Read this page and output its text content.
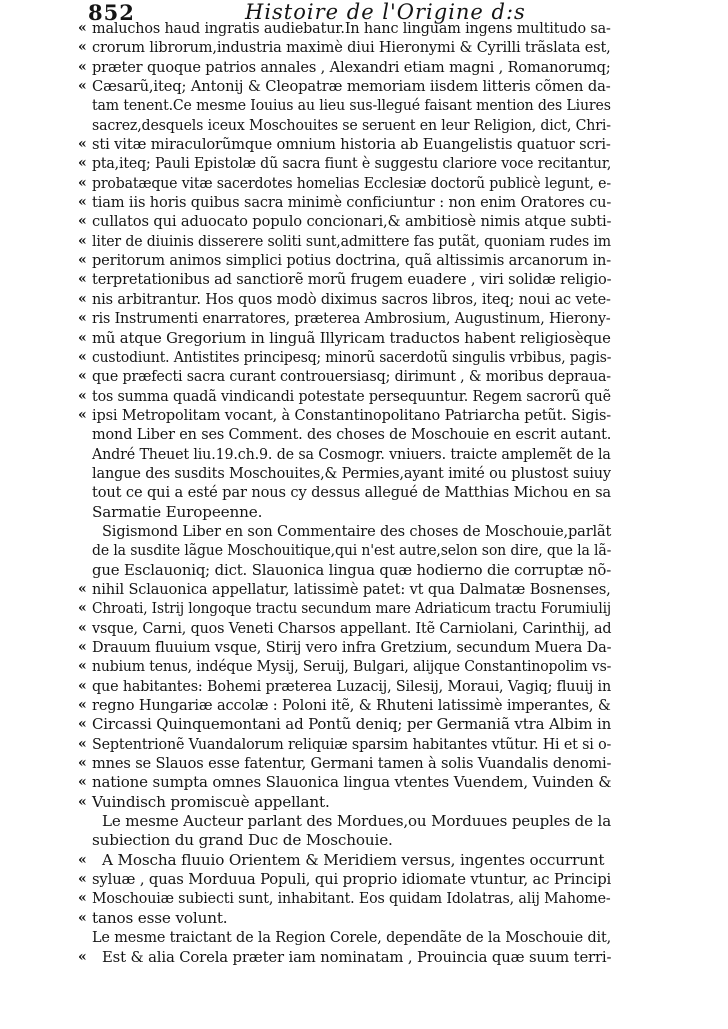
852	Histoire de l'Origine d:s
« maluchos haud ingratis audiebatur.In hanc linguam ingens multitudo sa-
« crorum librorum,industria maximè diui Hieronymi & Cyrilli trãslata est,
« præter quoque patrios annales , Alexandri etiam magni , Romanorumq;
« Cæsarũ,iteq; Antonij & Cleopatræ memoriam iisdem litteris cõmen da-
tam tenent.Ce mesme Iouius au lieu sus-llegué faisant mention des Liures
sacrez,desquels iceux Moschouites se seruent en leur Religion, dict, Chri-
« sti vitæ miraculorũmque omnium historia ab Euangelistis quatuor scri-
« pta,iteq; Pauli Epistolæ dũ sacra fiunt è suggestu clariore voce recitantur,
« probatæque vitæ sacerdotes homelias Ecclesiæ doctorũ publicè legunt, e-
« tiam iis horis quibus sacra minimè conficiuntur : non enim Oratores cu-
« cullatos qui aduocato populo concionari,& ambitiosè nimis atque subti-
« liter de diuinis disserere soliti sunt,admittere fas putãt, quoniam rudes im
« peritorum animos simplici potius doctrina, quã altissimis arcanorum in-
« terpretationibus ad sanctiorẽ morũ frugem euadere , viri solidæ religio-
« nis arbitrantur. Hos quos modò diximus sacros libros, iteq; noui ac vete-
« ris Instrumenti enarratores, præterea Ambrosium, Augustinum, Hierony-
« mũ atque Gregorium in linguã Illyricam traductos habent religiosèque
« custodiunt. Antistites principesq; minorũ sacerdotũ singulis vrbibus, pagis-
« que præfecti sacra curant controuersiasq; dirimunt , & moribus deprauа-
« tos summa quadã vindicandi potestate persequuntur. Regem sacrorũ quẽ
« ipsi Metropolitam vocant, à Constantinopolitano Patriarcha petũt. Sigis-
mond Liber en ses Comment. des choses de Moschouie en escrit autant.
André Theuet liu.19.ch.9. de sa Cosmogr. vniuers. traicte amplemẽt de la
langue des susdits Moschouites,& Permies,ayant imité ou plustost suiuy
tout ce qui a esté par nous cy dessus allegué de Matthias Michou en sa
Sarmatie Europeenne.
Sigismond Liber en son Commentaire des choses de Moschouie,parlãt
de la susdite lãgue Moschouitique,qui n'est autre,selon son dire, que la lã-
gue Esclauoniq; dict. Slauonica lingua quæ hodierno die corruptæ nõ-
« nihil Sclauonica appellatur, latissimè patet: vt qua Dalmatæ Bosnenses,
« Chroati, Istrij longoque tractu secundum mare Adriaticum tractu Forumiulij
« vsque, Carni, quos Veneti Charsos appellant. Itẽ Carniolani, Carinthij, ad
« Drauum fluuium vsque, Stirij vero infra Gretzium, secundum Muera Da-
« nubium tenus, indéque Mysij, Seruij, Bulgari, alijque Constantinopolim vs-
« que habitantes: Bohemi præterea Luzacij, Silesij, Moraui, Vagiq; fluuij in
« regno Hungariæ accolæ : Poloni itẽ, & Rhuteni latissimè imperantes, &
« Circassi Quinquemontani ad Pontũ deniq; per Germaniã vtra Albim in
« Septentrionẽ Vuandalorum reliquiæ sparsim habitantes vtũtur. Hi et si o-
« mnes se Slauos esse fatentur, Germani tamen à solis Vuandalis denomi-
« natione sumpta omnes Slauonica lingua vtentes Vuendem, Vuinden &
« Vuindisch promiscuè appellant.
Le mesme Aucteur parlant des Mordues,ou Morduues peuples de la
subiection du grand Duc de Moschouie.
« A Moscha fluuio Orientem & Meridiem versus, ingentes occurrunt
« syluæ , quas Morduua Populi, qui proprio idiomate vtuntur, ac Principi
« Moschouiæ subiecti sunt, inhabitant. Eos quidam Idolatras, alij Mahome-
« tanos esse volunt.
Le mesme traictant de la Region Corele, dependãte de la Moschouie dit,
« Est & alia Corela præter iam nominatam , Prouincia quæ suum terri-
